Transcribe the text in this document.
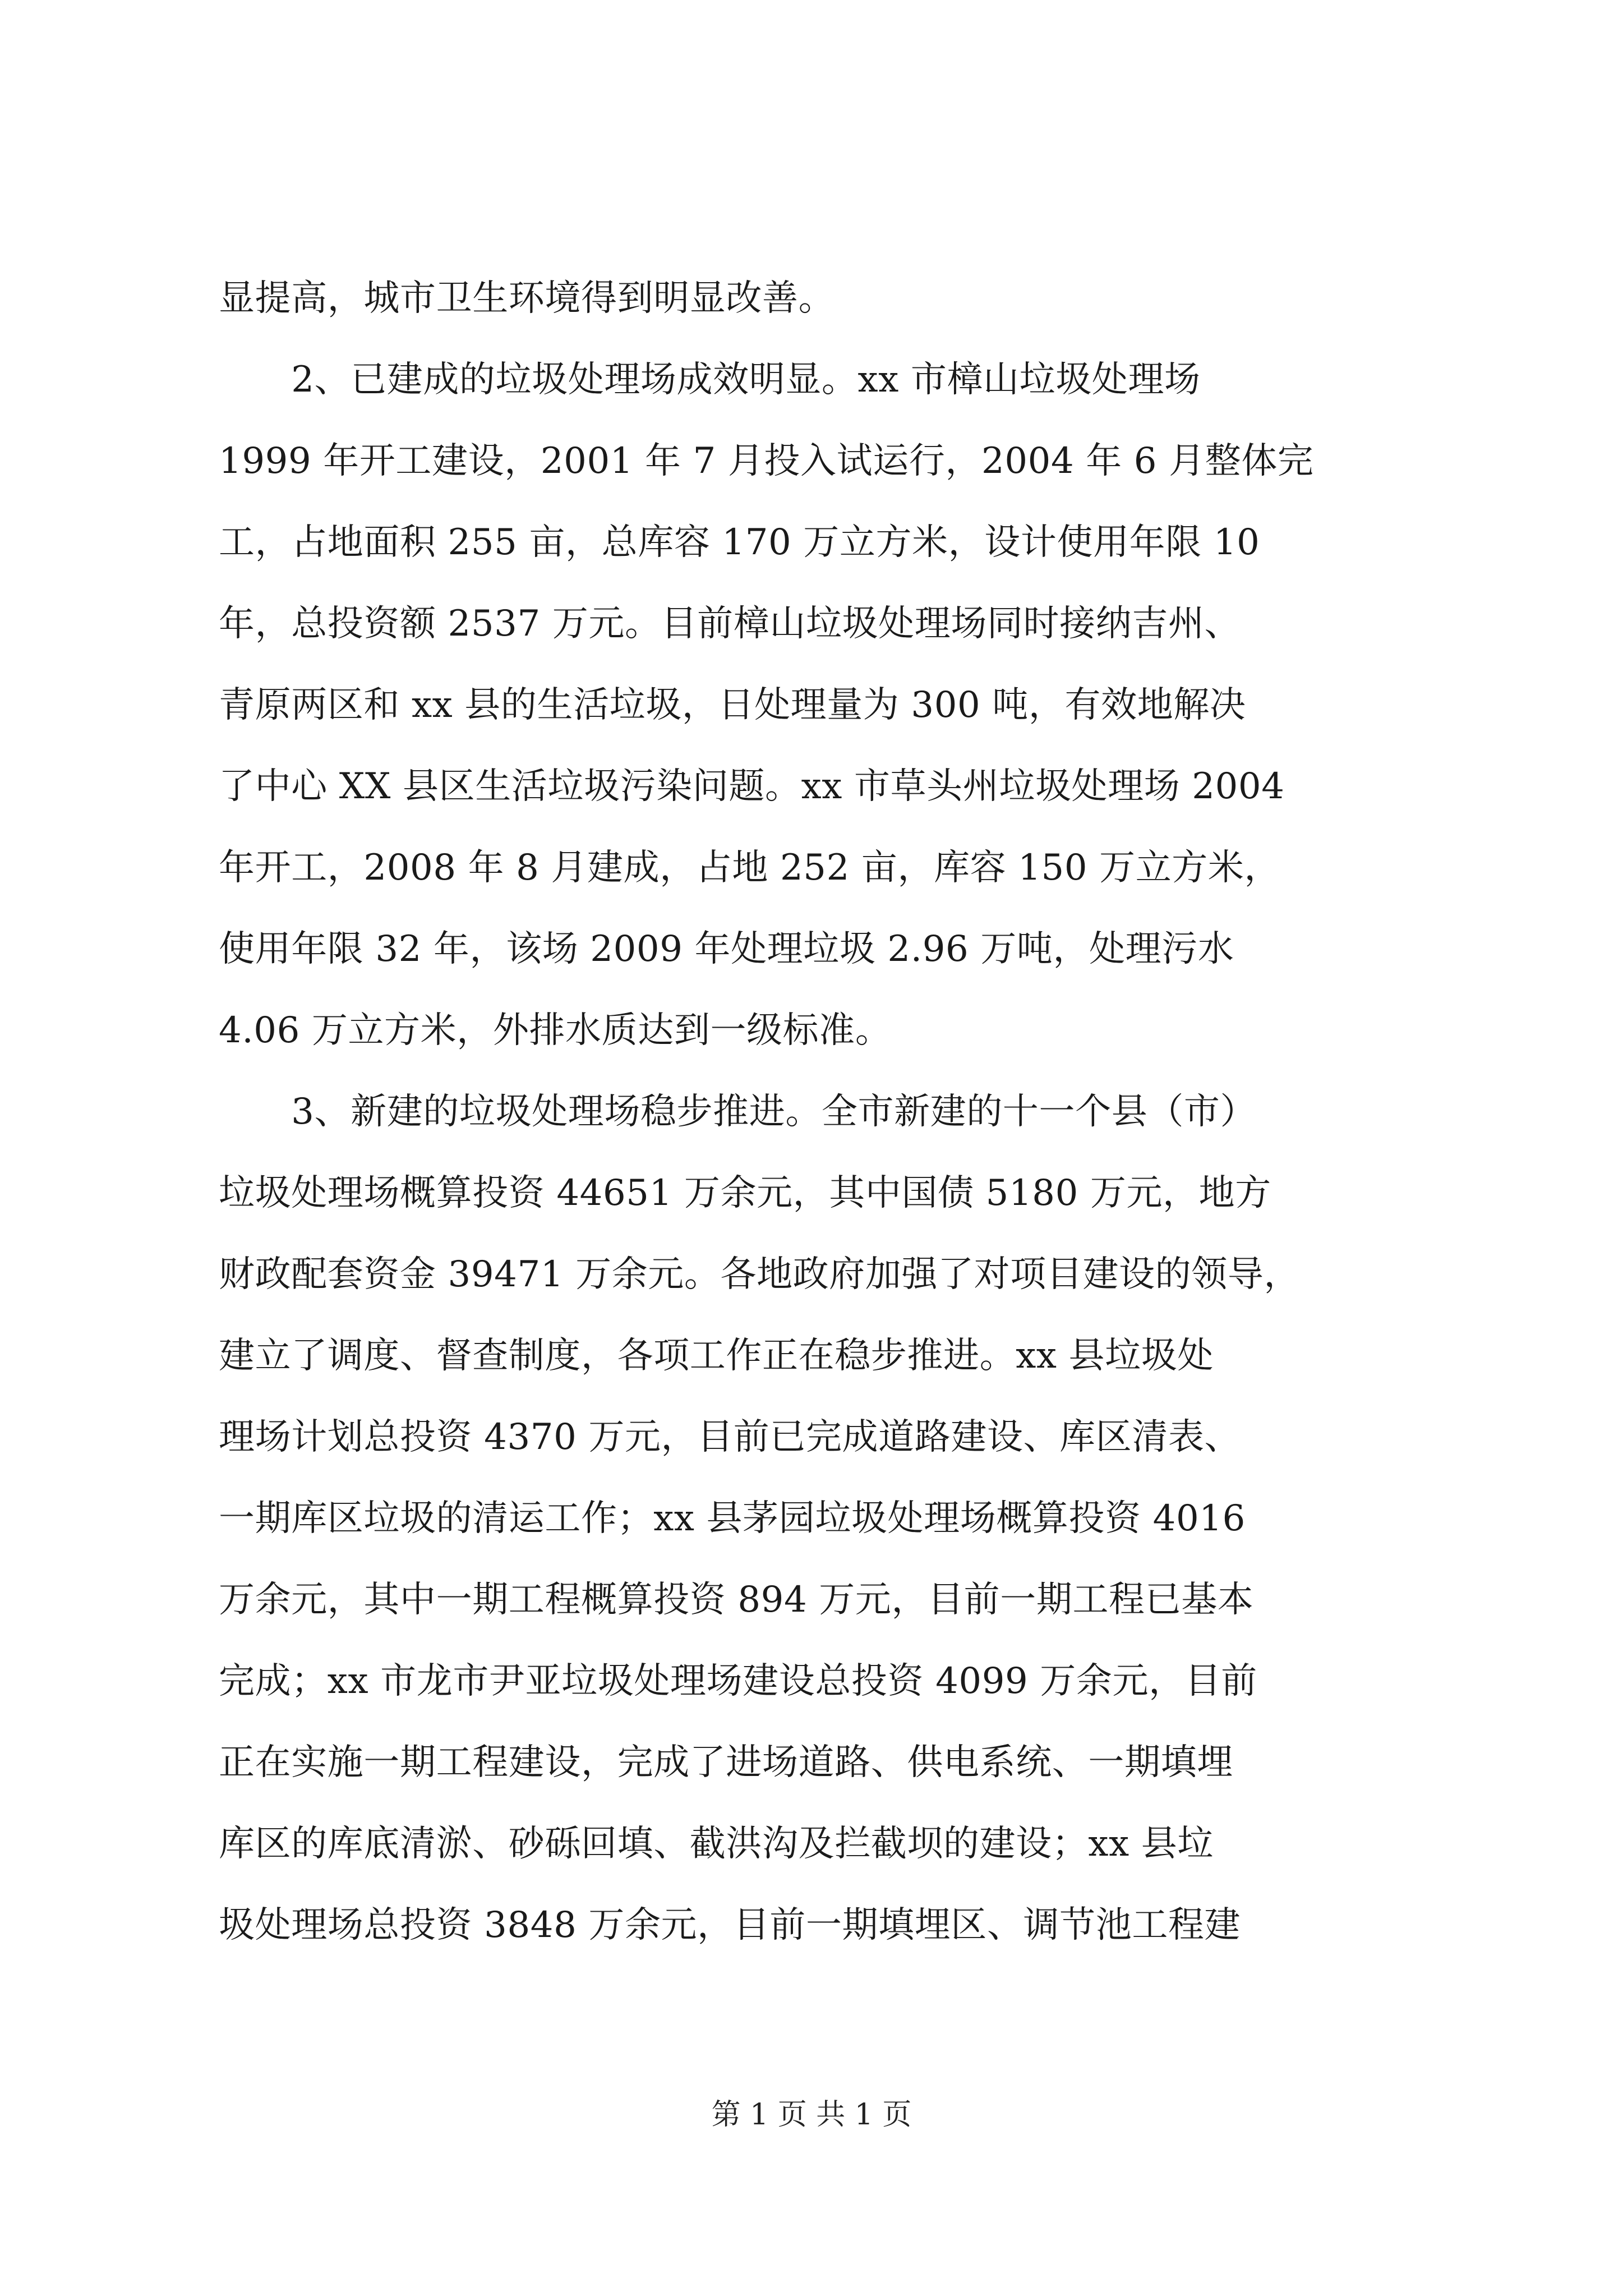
显提高，城市卫生环境得到明显改善。
　　2、已建成的垃圾处理场成效明显。xx 市樟山垃圾处理场
1999 年开工建设，2001 年 7 月投入试运行，2004 年 6 月整体完
工，占地面积 255 亩，总库容 170 万立方米，设计使用年限 10
年，总投资额 2537 万元。目前樟山垃圾处理场同时接纳吉州、
青原两区和 xx 县的生活垃圾，日处理量为 300 吨，有效地解决
了中心 XX 县区生活垃圾污染问题。xx 市草头州垃圾处理场 2004
年开工，2008 年 8 月建成，占地 252 亩，库容 150 万立方米，
使用年限 32 年，该场 2009 年处理垃圾 2.96 万吨，处理污水
4.06 万立方米，外排水质达到一级标准。
　　3、新建的垃圾处理场稳步推进。全市新建的十一个县（市）
垃圾处理场概算投资 44651 万余元，其中国债 5180 万元，地方
财政配套资金 39471 万余元。各地政府加强了对项目建设的领导，
建立了调度、督查制度，各项工作正在稳步推进。xx 县垃圾处
理场计划总投资 4370 万元，目前已完成道路建设、库区清表、
一期库区垃圾的清运工作；xx 县茅园垃圾处理场概算投资 4016
万余元，其中一期工程概算投资 894 万元，目前一期工程已基本
完成；xx 市龙市尹亚垃圾处理场建设总投资 4099 万余元，目前
正在实施一期工程建设，完成了进场道路、供电系统、一期填埋
库区的库底清淤、砂砾回填、截洪沟及拦截坝的建设；xx 县垃
圾处理场总投资 3848 万余元，目前一期填埋区、调节池工程建
第 1 页 共 1 页
